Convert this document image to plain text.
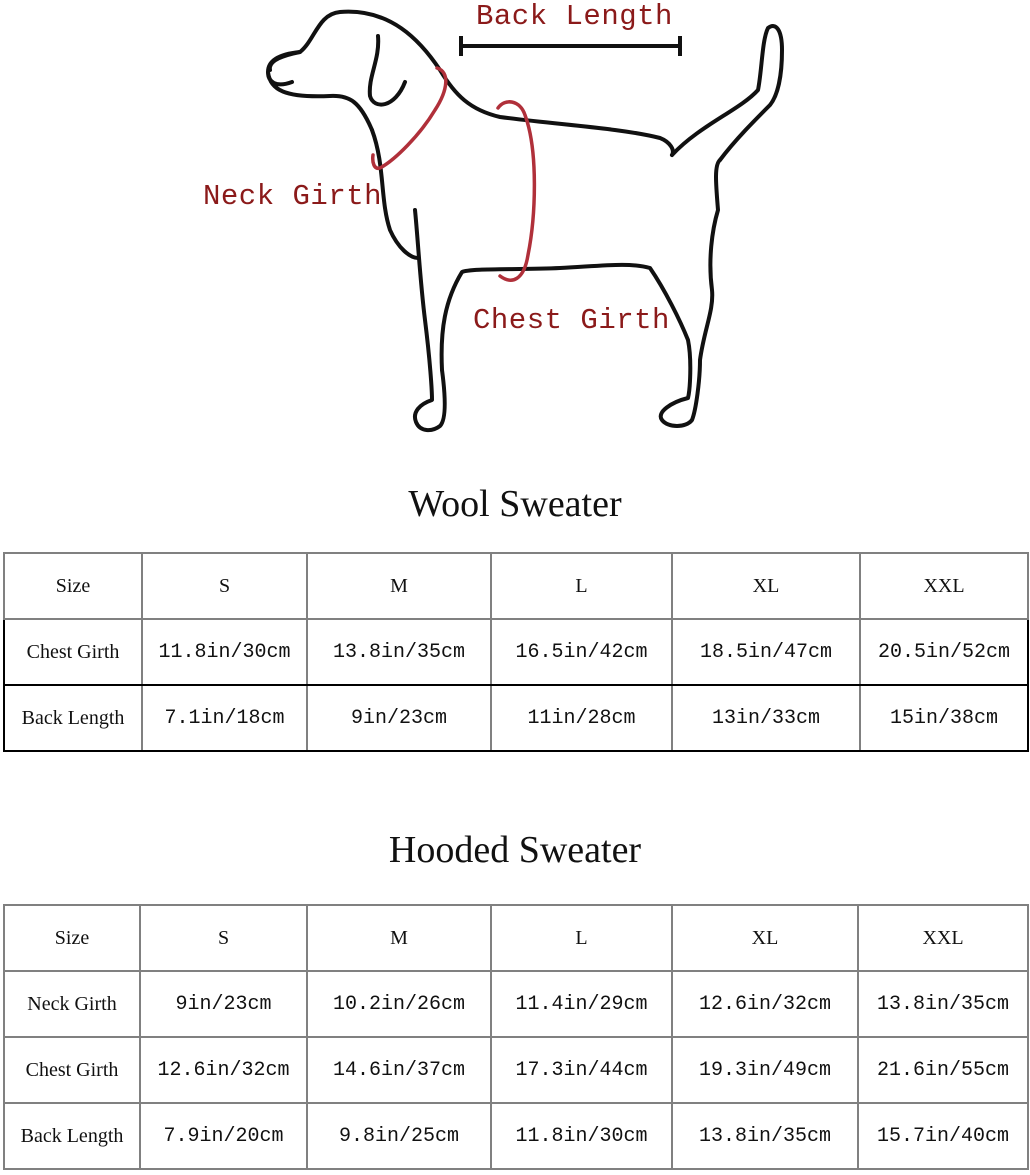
Back Length
Neck Girth
Chest Girth
Wool Sweater
Size	S	M	L	XL	XXL
Chest Girth	11.8in/30cm	13.8in/35cm	16.5in/42cm	18.5in/47cm	20.5in/52cm
Back Length	7.1in/18cm	9in/23cm	11in/28cm	13in/33cm	15in/38cm
Hooded Sweater
Size	S	M	L	XL	XXL
Neck Girth	9in/23cm	10.2in/26cm	11.4in/29cm	12.6in/32cm	13.8in/35cm
Chest Girth	12.6in/32cm	14.6in/37cm	17.3in/44cm	19.3in/49cm	21.6in/55cm
Back Length	7.9in/20cm	9.8in/25cm	11.8in/30cm	13.8in/35cm	15.7in/40cm
